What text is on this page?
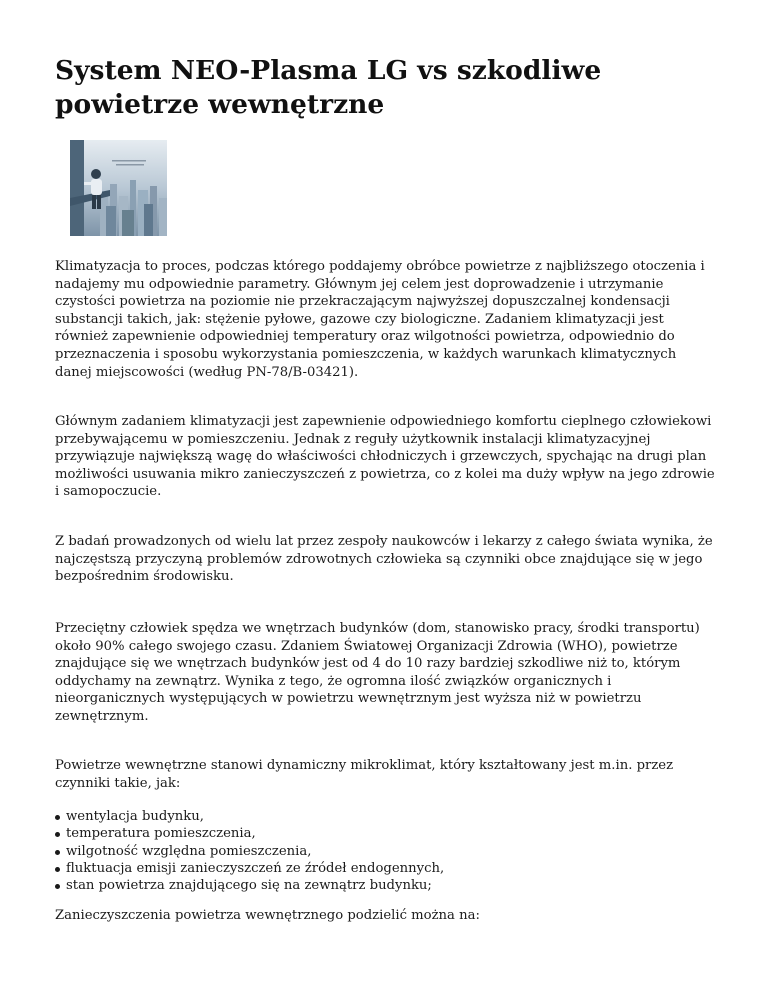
System NEO-Plasma LG vs szkodliwe powietrze wewnętrzne

Klimatyzacja to proces, podczas którego poddajemy obróbce powietrze z najbliższego otoczenia i nadajemy mu odpowiednie parametry. Głównym jej celem jest doprowadzenie i utrzymanie czystości powietrza na poziomie nie przekraczającym najwyższej dopuszczalnej kondensacji substancji takich, jak: stężenie pyłowe, gazowe czy biologiczne. Zadaniem klimatyzacji jest również zapewnienie odpowiedniej temperatury oraz wilgotności powietrza, odpowiednio do przeznaczenia i sposobu wykorzystania pomieszczenia, w każdych warunkach klimatycznych danej miejscowości (według PN-78/B-03421).

Głównym zadaniem klimatyzacji jest zapewnienie odpowiedniego komfortu cieplnego człowiekowi przebywającemu w pomieszczeniu. Jednak z reguły użytkownik instalacji klimatyzacyjnej przywiązuje największą wagę do właściwości chłodniczych i grzewczych, spychając na drugi plan możliwości usuwania mikro zanieczyszczeń z powietrza, co z kolei ma duży wpływ na jego zdrowie i samopoczucie.

Z badań prowadzonych od wielu lat przez zespoły naukowców i lekarzy z całego świata wynika, że najczęstszą przyczyną problemów zdrowotnych człowieka są czynniki obce znajdujące się w jego bezpośrednim środowisku.

Przeciętny człowiek spędza we wnętrzach budynków (dom, stanowisko pracy, środki transportu) około 90% całego swojego czasu. Zdaniem Światowej Organizacji Zdrowia (WHO), powietrze znajdujące się we wnętrzach budynków jest od 4 do 10 razy bardziej szkodliwe niż to, którym oddychamy na zewnątrz. Wynika z tego, że ogromna ilość związków organicznych i nieorganicznych występujących w powietrzu wewnętrznym jest wyższa niż w powietrzu zewnętrznym.

Powietrze wewnętrzne stanowi dynamiczny mikroklimat, który kształtowany jest m.in. przez czynniki takie, jak:

wentylacja budynku,
temperatura pomieszczenia,
wilgotność względna pomieszczenia,
fluktuacja emisji zanieczyszczeń ze źródeł endogennych,
stan powietrza znajdującego się na zewnątrz budynku;

Zanieczyszczenia powietrza wewnętrznego podzielić można na:
